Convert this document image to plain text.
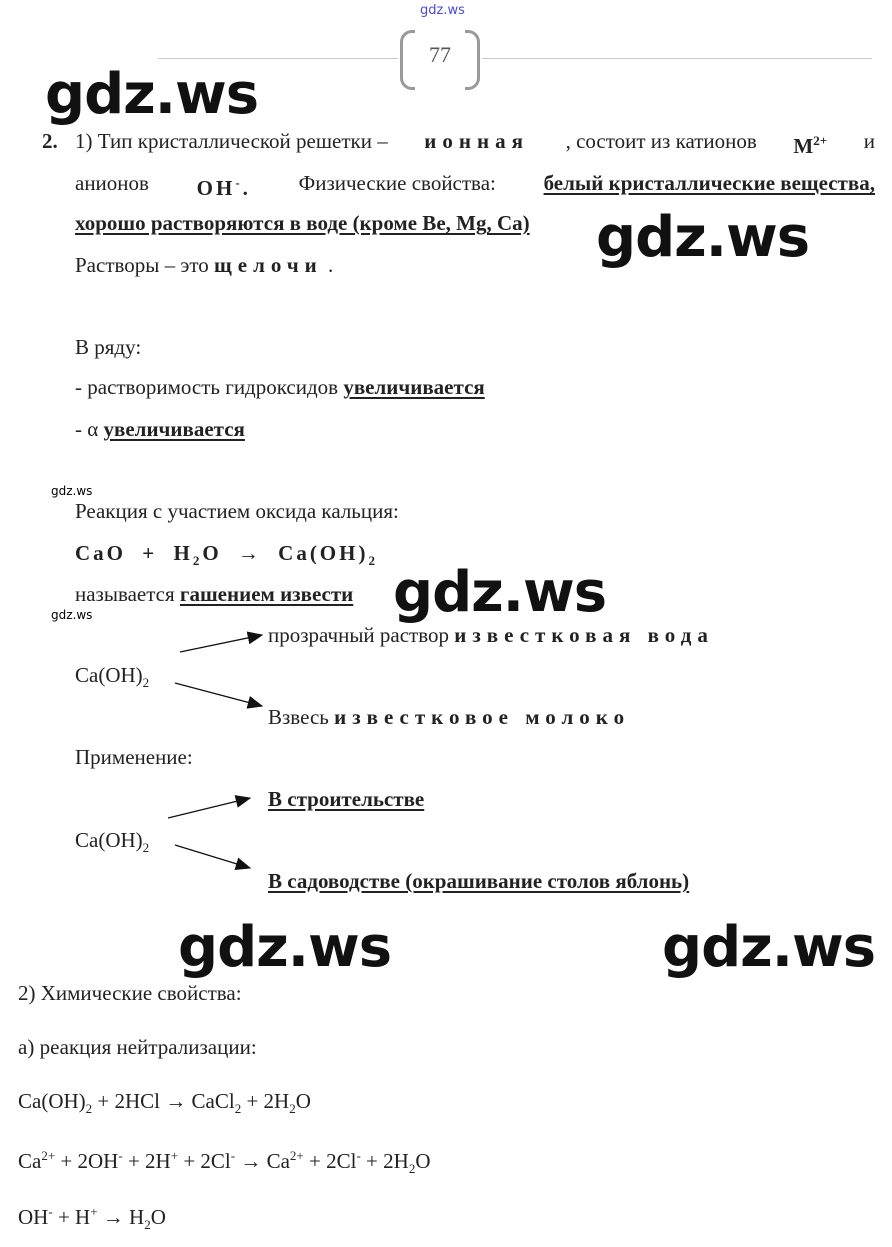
gdz.ws
77
gdz.ws
gdz.ws
gdz.ws
gdz.ws	gdz.ws
gdz.ws
gdz.ws
2. 1) Тип кристаллической решетки – ионная , состоит из катионов $M^{2+}$ и
анионов OH-. Физические свойства: белый кристаллические вещества,
хорошо растворяются в воде (кроме Be, Mg, Ca)
Растворы – это щелочи .
В ряду:
- растворимость гидроксидов увеличивается
- α увеличивается
Реакция с участием оксида кальция:
CaO + $H_2O \to Ca(OH)_2$
называется гашением извести
прозрачный раствор известковая вода
$Ca(OH)_2$
Взвесь известковое молоко
Применение:
В строительстве
$Ca(OH)_2$
В садоводстве (окрашивание столов яблонь)
2) Химические свойства:
а) реакция нейтрализации:
$Ca(OH)_2 + 2HCl$ → CaCl$_2$ + $2H_2O$
$Ca^{2+} + 2OH^- + 2H^+ + 2Cl^- \to Ca^{2+} + 2Cl^- + 2H_2O$
$OH^- + H^+ \to H_2O$
